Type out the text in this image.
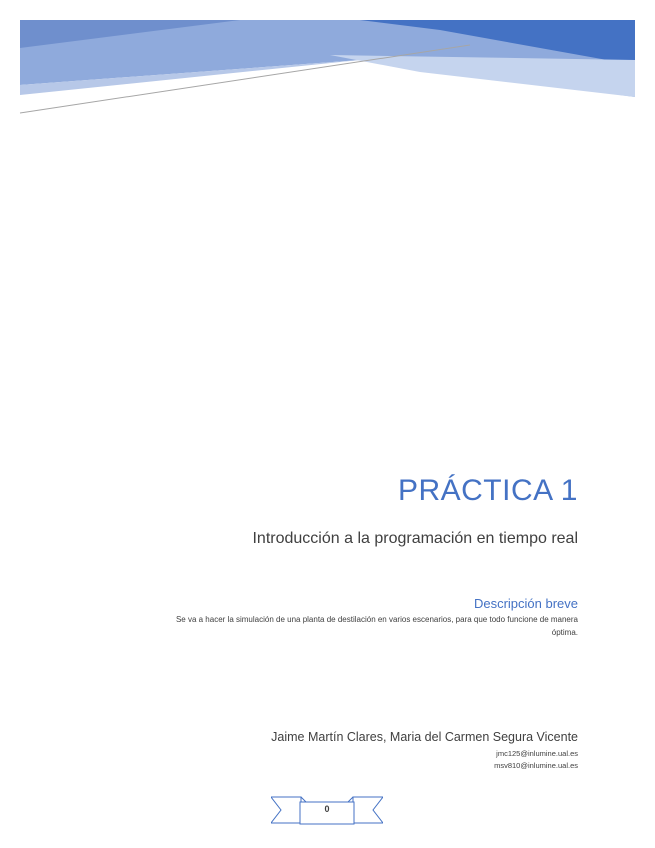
PRÁCTICA 1
Introducción a la programación en tiempo real
Descripción breve
Se va a hacer la simulación de una planta de destilación en varios escenarios, para que todo funcione de manera óptima.
Jaime Martín Clares, Maria del Carmen Segura Vicente
jmc125@inlumine.ual.es
msv810@inlumine.ual.es
0
